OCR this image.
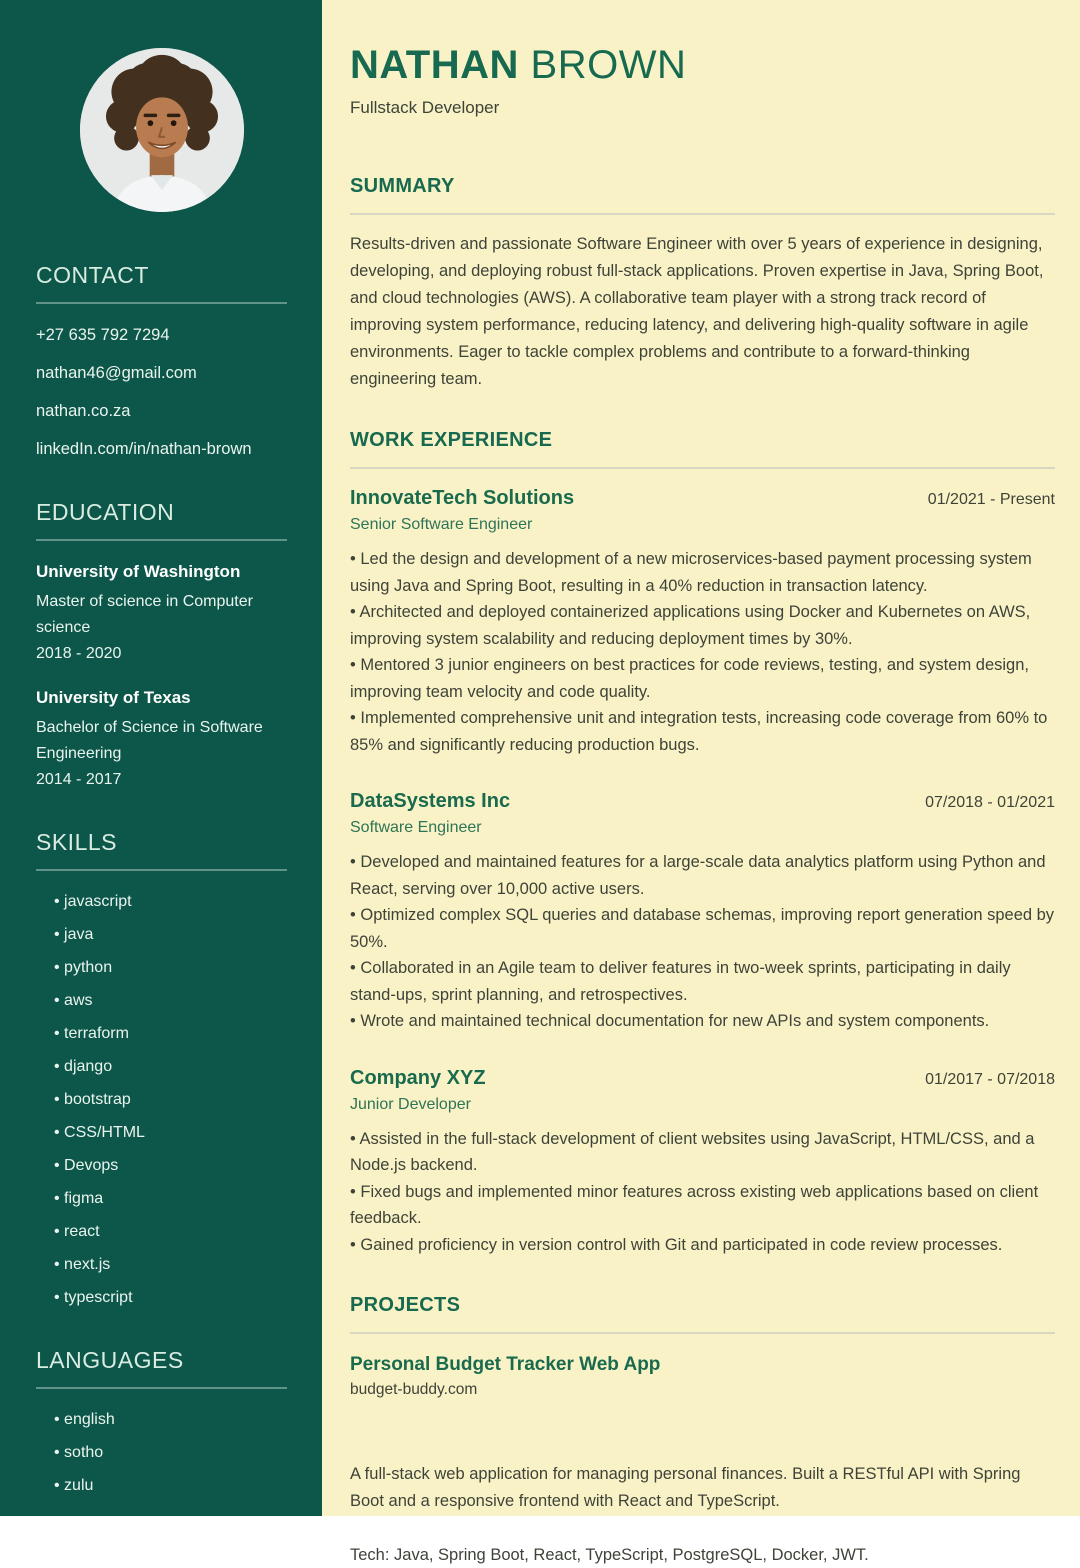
CONTACT
+27 635 792 7294
nathan46@gmail.com
nathan.co.za
linkedIn.com/in/nathan-brown
EDUCATION
University of Washington
Master of science in Computer science
2018 - 2020
University of Texas
Bachelor of Science in Software Engineering
2014 - 2017
SKILLS
• javascript
• java
• python
• aws
• terraform
• django
• bootstrap
• CSS/HTML
• Devops
• figma
• react
• next.js
• typescript
LANGUAGES
• english
• sotho
• zulu
NATHAN BROWN
Fullstack Developer
SUMMARY

Results-driven and passionate Software Engineer with over 5 years of experience in designing, developing, and deploying robust full-stack applications. Proven expertise in Java, Spring Boot, and cloud technologies (AWS). A collaborative team player with a strong track record of improving system performance, reducing latency, and delivering high-quality software in agile environments. Eager to tackle complex problems and contribute to a forward-thinking engineering team.

WORK EXPERIENCE
InnovateTech Solutions	01/2021 - Present
Senior Software Engineer

• Led the design and development of a new microservices-based payment processing system using Java and Spring Boot, resulting in a 40% reduction in transaction latency.

• Architected and deployed containerized applications using Docker and Kubernetes on AWS, improving system scalability and reducing deployment times by 30%.

• Mentored 3 junior engineers on best practices for code reviews, testing, and system design, improving team velocity and code quality.

• Implemented comprehensive unit and integration tests, increasing code coverage from 60% to 85% and significantly reducing production bugs.

DataSystems Inc	07/2018 - 01/2021
Software Engineer

• Developed and maintained features for a large-scale data analytics platform using Python and React, serving over 10,000 active users.

• Optimized complex SQL queries and database schemas, improving report generation speed by 50%.

• Collaborated in an Agile team to deliver features in two-week sprints, participating in daily stand-ups, sprint planning, and retrospectives.

• Wrote and maintained technical documentation for new APIs and system components.

Company XYZ	01/2017 - 07/2018
Junior Developer

• Assisted in the full-stack development of client websites using JavaScript, HTML/CSS, and a Node.js backend.

• Fixed bugs and implemented minor features across existing web applications based on client feedback.

• Gained proficiency in version control with Git and participated in code review processes.

PROJECTS
Personal Budget Tracker Web App
budget-buddy.com

A full-stack web application for managing personal finances. Built a RESTful API with Spring Boot and a responsive frontend with React and TypeScript.

Tech: Java, Spring Boot, React, TypeScript, PostgreSQL, Docker, JWT.
